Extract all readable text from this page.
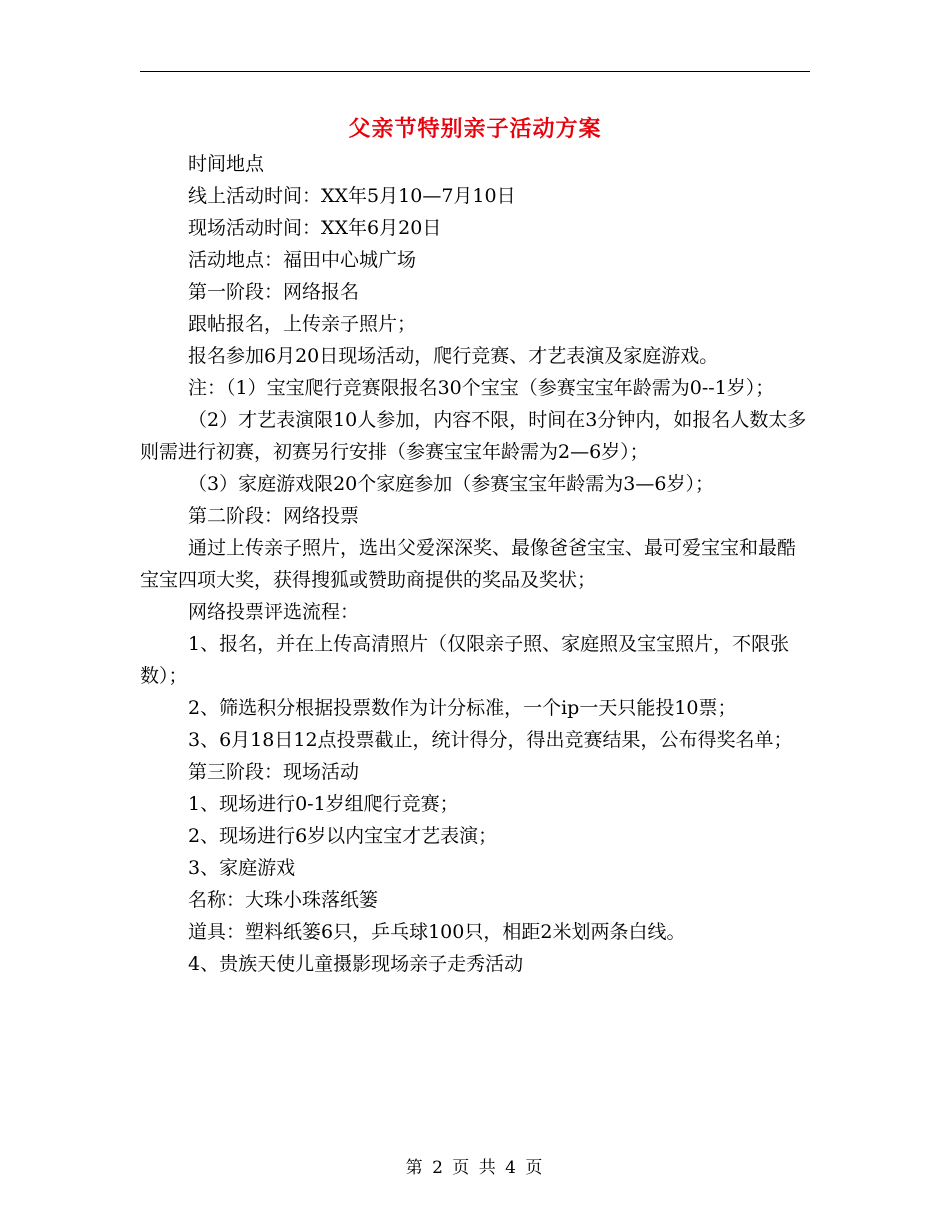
父亲节特别亲子活动方案

时间地点

线上活动时间：XX年5月10—7月10日

现场活动时间：XX年6月20日

活动地点：福田中心城广场

第一阶段：网络报名

跟帖报名，上传亲子照片；

报名参加6月20日现场活动，爬行竞赛、才艺表演及家庭游戏。

注：（1）宝宝爬行竞赛限报名30个宝宝（参赛宝宝年龄需为0--1岁）；

（2）才艺表演限10人参加，内容不限，时间在3分钟内，如报名人数太多则需进行初赛，初赛另行安排（参赛宝宝年龄需为2—6岁）；

（3）家庭游戏限20个家庭参加（参赛宝宝年龄需为3—6岁）；

第二阶段：网络投票

通过上传亲子照片，选出父爱深深奖、最像爸爸宝宝、最可爱宝宝和最酷宝宝四项大奖，获得搜狐或赞助商提供的奖品及奖状；

网络投票评选流程：

1、报名，并在上传高清照片（仅限亲子照、家庭照及宝宝照片，不限张数）；

2、筛选积分根据投票数作为计分标准，一个ip一天只能投10票；

3、6月18日12点投票截止，统计得分，得出竞赛结果，公布得奖名单；

第三阶段：现场活动

1、现场进行0-1岁组爬行竞赛；

2、现场进行6岁以内宝宝才艺表演；

3、家庭游戏

名称：大珠小珠落纸篓

道具：塑料纸篓6只，乒乓球100只，相距2米划两条白线。

4、贵族天使儿童摄影现场亲子走秀活动

第 2 页 共 4 页
